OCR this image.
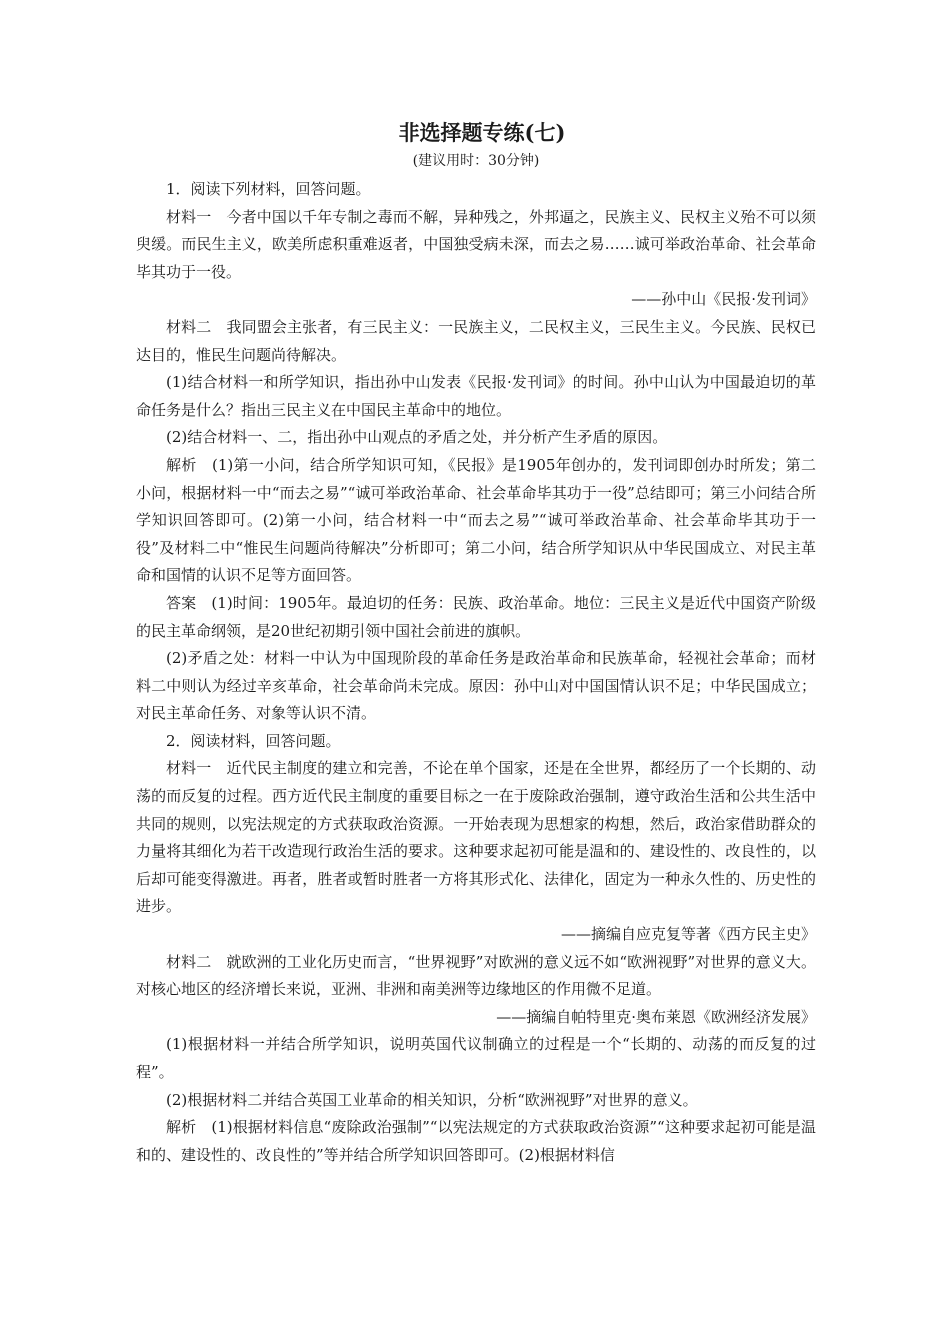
非选择题专练(七)
(建议用时：30分钟)

1．阅读下列材料，回答问题。

材料一　今者中国以千年专制之毒而不解，异种残之，外邦逼之，民族主义、民权主义殆不可以须臾缓。而民生主义，欧美所虑积重难返者，中国独受病未深，而去之易……诚可举政治革命、社会革命毕其功于一役。

——孙中山《民报·发刊词》

材料二　我同盟会主张者，有三民主义：一民族主义，二民权主义，三民生主义。今民族、民权已达目的，惟民生问题尚待解决。

(1)结合材料一和所学知识，指出孙中山发表《民报·发刊词》的时间。孙中山认为中国最迫切的革命任务是什么？指出三民主义在中国民主革命中的地位。

(2)结合材料一、二，指出孙中山观点的矛盾之处，并分析产生矛盾的原因。

解析　(1)第一小问，结合所学知识可知，《民报》是1905年创办的，发刊词即创办时所发；第二小问，根据材料一中“而去之易”“诚可举政治革命、社会革命毕其功于一役”总结即可；第三小问结合所学知识回答即可。(2)第一小问，结合材料一中“而去之易”“诚可举政治革命、社会革命毕其功于一役”及材料二中“惟民生问题尚待解决”分析即可；第二小问，结合所学知识从中华民国成立、对民主革命和国情的认识不足等方面回答。

答案　(1)时间：1905年。最迫切的任务：民族、政治革命。地位：三民主义是近代中国资产阶级的民主革命纲领，是20世纪初期引领中国社会前进的旗帜。

(2)矛盾之处：材料一中认为中国现阶段的革命任务是政治革命和民族革命，轻视社会革命；而材料二中则认为经过辛亥革命，社会革命尚未完成。原因：孙中山对中国国情认识不足；中华民国成立；对民主革命任务、对象等认识不清。

2．阅读材料，回答问题。

材料一　近代民主制度的建立和完善，不论在单个国家，还是在全世界，都经历了一个长期的、动荡的而反复的过程。西方近代民主制度的重要目标之一在于废除政治强制，遵守政治生活和公共生活中共同的规则，以宪法规定的方式获取政治资源。一开始表现为思想家的构想，然后，政治家借助群众的力量将其细化为若干改造现行政治生活的要求。这种要求起初可能是温和的、建设性的、改良性的，以后却可能变得激进。再者，胜者或暂时胜者一方将其形式化、法律化，固定为一种永久性的、历史性的进步。

——摘编自应克复等著《西方民主史》

材料二　就欧洲的工业化历史而言，“世界视野”对欧洲的意义远不如“欧洲视野”对世界的意义大。对核心地区的经济增长来说，亚洲、非洲和南美洲等边缘地区的作用微不足道。

——摘编自帕特里克·奥布莱恩《欧洲经济发展》

(1)根据材料一并结合所学知识，说明英国代议制确立的过程是一个“长期的、动荡的而反复的过程”。

(2)根据材料二并结合英国工业革命的相关知识，分析“欧洲视野”对世界的意义。

解析　(1)根据材料信息“废除政治强制”“以宪法规定的方式获取政治资源”“这种要求起初可能是温和的、建设性的、改良性的”等并结合所学知识回答即可。(2)根据材料信
